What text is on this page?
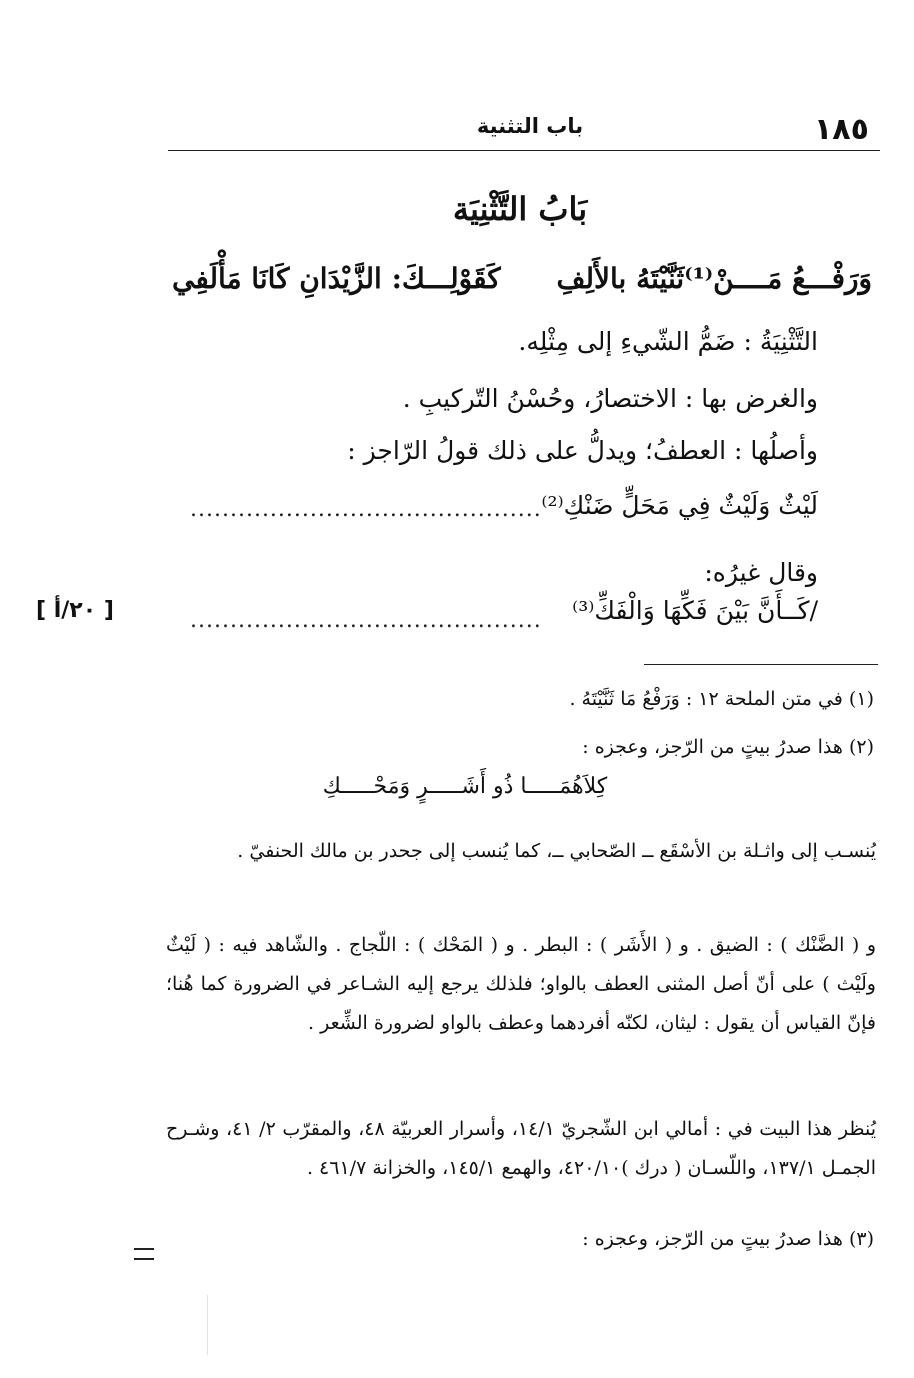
١٨٥
باب التثنية
بَابُ التَّثْنِيَة
وَرَفْـــعُ مَــــنْ⁽¹⁾ثَنَّيْتَهُ بالأَلِفِ
كَقَوْلِـــكَ: الزَّيْدَانِ كَانَا مَأْلَفِي
التَّثْنِيَةُ : ضَمُّ الشّيءِ إلى مِثْلِه.
والغرض بها : الاختصارُ، وحُسْنُ التّركيبِ .
وأصلُها : العطفُ؛ ويدلُّ على ذلك قولُ الرّاجز :
لَيْثٌ وَلَيْثٌ فِي مَحَلٍّ ضَنْكِ⁽²⁾
............................................
وقال غيرُه:
/كَــأَنَّ بَيْنَ فَكِّهَا وَالْفَكِّ⁽³⁾
............................................
[ ٢٠/أ ]
(١) في متن الملحة ١٢ : وَرَفْعُ مَا ثَنَّيْتَهُ .
(٢) هذا صدرُ بيتٍ من الرّجز، وعجزه :
كِلاَهُمَـــــا ذُو أَشَـــــرٍ وَمَحْـــــكِ
يُنسـب إلى واثـلة بن الأسْقَع ــ الصّحابي ــ، كما يُنسب إلى جحدر بن مالك الحنفيّ .
و ( الضَّنْك ) : الضيق . و ( الأَشَر ) : البطر . و ( المَحْك ) : اللّجاج . والشّاهد فيه : ( لَيْثٌ ولَيْث ) على أنّ أصل المثنى العطف بالواو؛ فلذلك يرجع إليه الشـاعر في الضرورة كما هُنا؛ فإنّ القياس أن يقول : ليثان، لكنّه أفردهما وعطف بالواو لضرورة الشِّعر .
يُنظر هذا البيت في : أمالي ابن الشّجريّ ١٤/١، وأسرار العربيّة ٤٨، والمقرّب ٢/ ٤١، وشـرح الجمـل ١٣٧/١، واللّسـان ( درك )٤٢٠/١٠، والهمع ١٤٥/١، والخزانة ٤٦١/٧ .
(٣) هذا صدرُ بيتٍ من الرّجز، وعجزه :
